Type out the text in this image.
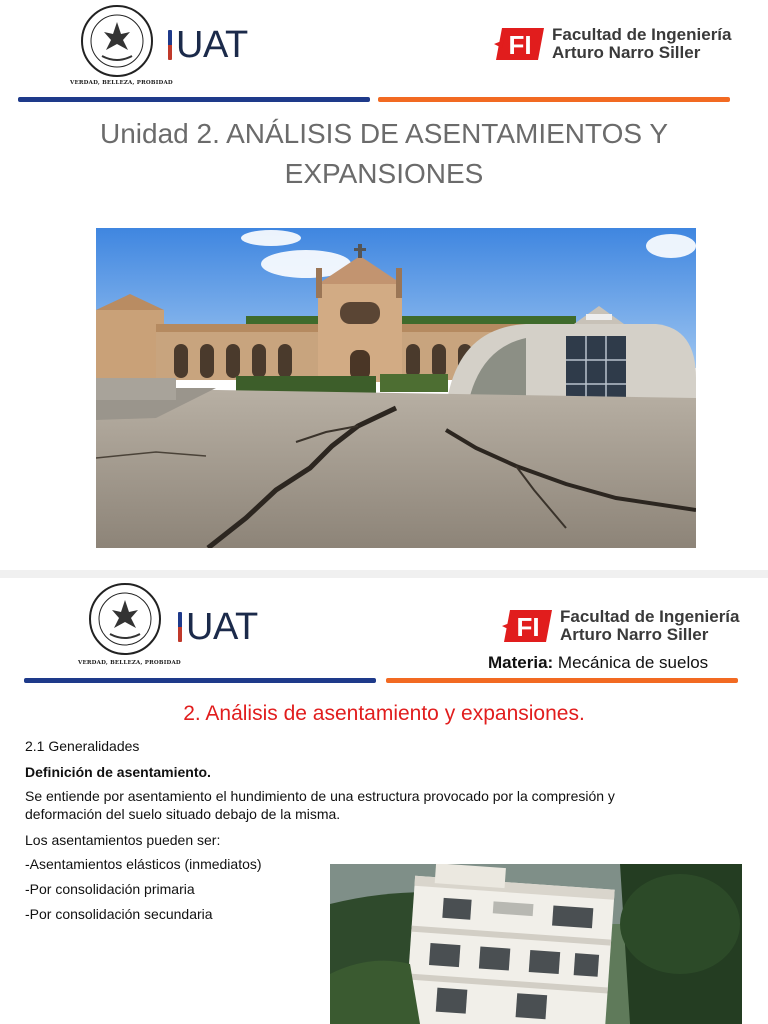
VERDAD, BELLEZA, PROBIDAD
UAT	FI Facultad de Ingeniería
Arturo Narro Siller
Unidad 2. ANÁLISIS DE ASENTAMIENTOS Y EXPANSIONES
VERDAD, BELLEZA, PROBIDAD
UAT	FI Facultad de Ingeniería
Arturo Narro Siller
Materia: Mecánica de suelos
2. Análisis de asentamiento y expansiones.
2.1 Generalidades
Definición de asentamiento.
Se entiende por asentamiento el hundimiento de una estructura provocado por la compresión y
deformación del suelo situado debajo de la misma.
Los asentamientos pueden ser:
-Asentamientos elásticos (inmediatos)
-Por consolidación primaria
-Por consolidación secundaria
